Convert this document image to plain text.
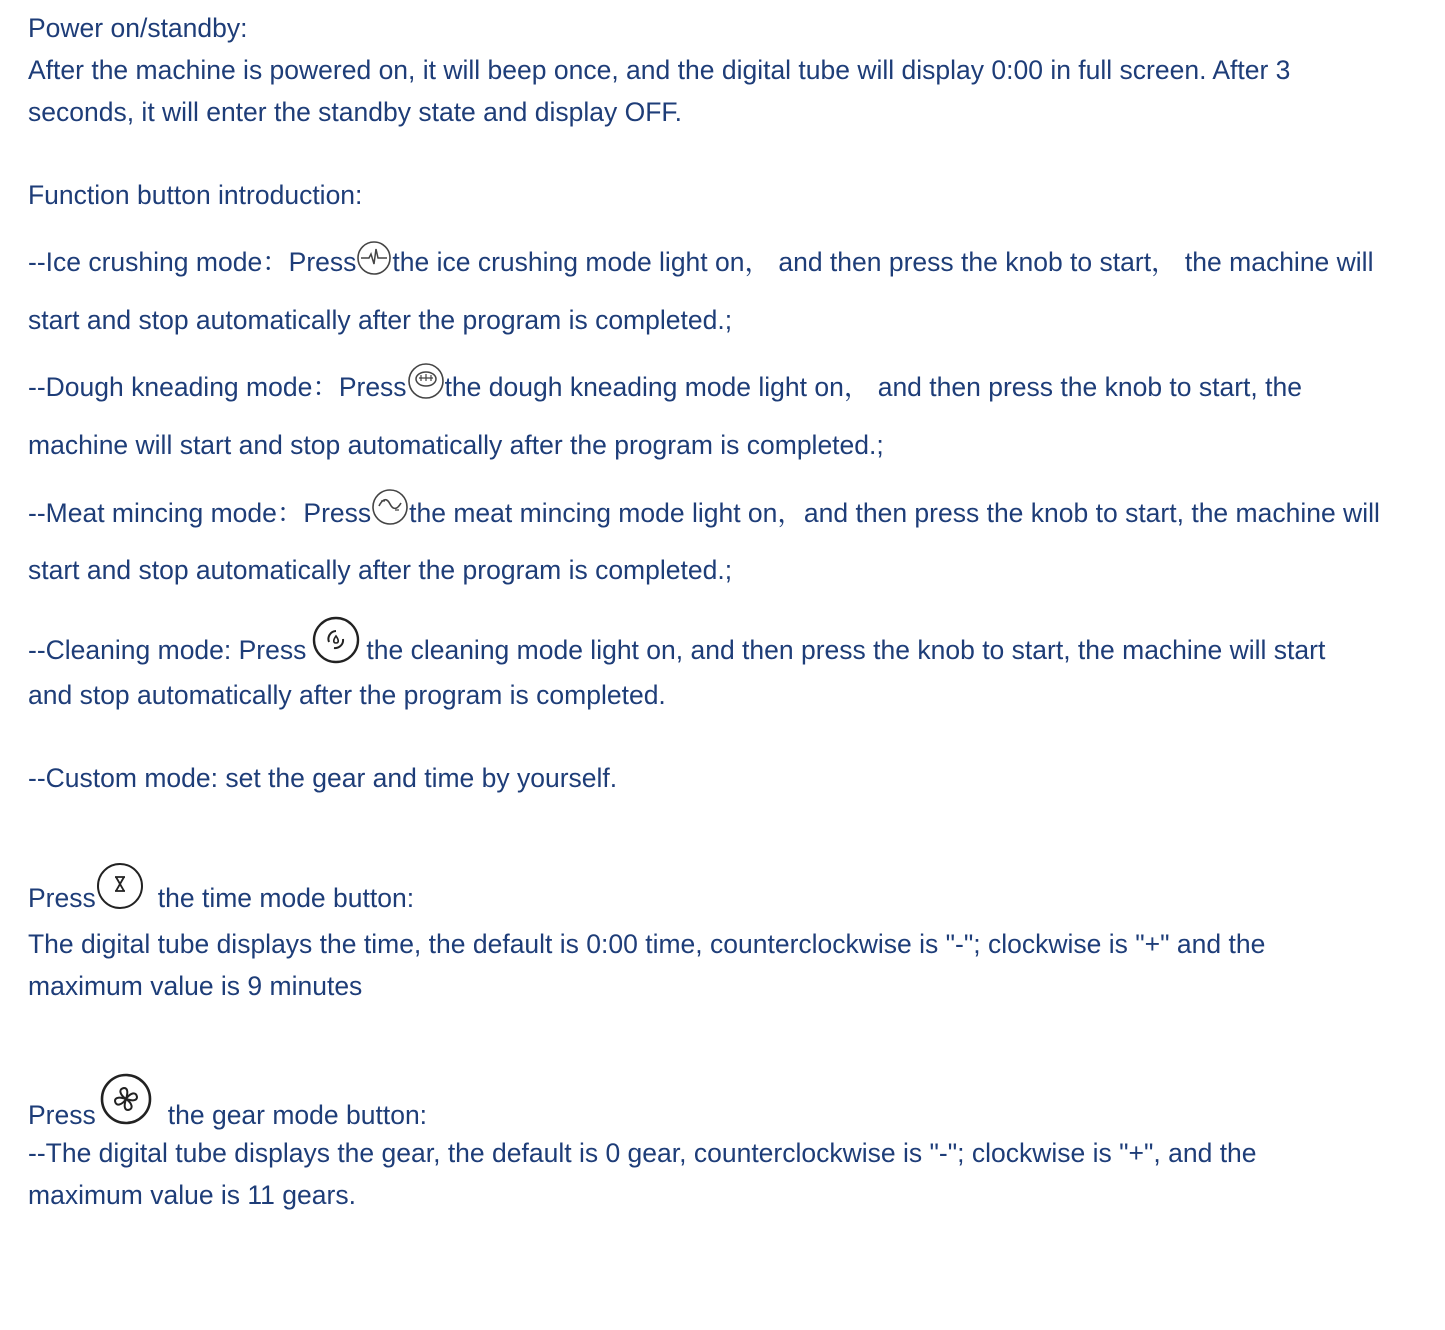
Power on/standby:
After the machine is powered on, it will beep once, and the digital tube will display 0:00 in full screen. After 3
seconds, it will enter the standby state and display OFF.
Function button introduction:
--Ice crushing mode：Press the ice crushing mode light on， and then press the knob to start， the machine will
start and stop automatically after the program is completed.;
--Dough kneading mode：Press the dough kneading mode light on， and then press the knob to start, the
machine will start and stop automatically after the program is completed.;
--Meat mincing mode：Press the meat mincing mode light on，and then press the knob to start, the machine will
start and stop automatically after the program is completed.;
--Cleaning mode: Press the cleaning mode light on, and then press the knob to start, the machine will start
and stop automatically after the program is completed.
--Custom mode: set the gear and time by yourself.
Press the time mode button:
The digital tube displays the time, the default is 0:00 time, counterclockwise is "-"; clockwise is "+" and the
maximum value is 9 minutes
Press	the gear mode button:
--The digital tube displays the gear, the default is 0 gear, counterclockwise is "-"; clockwise is "+", and the
maximum value is 11 gears.
